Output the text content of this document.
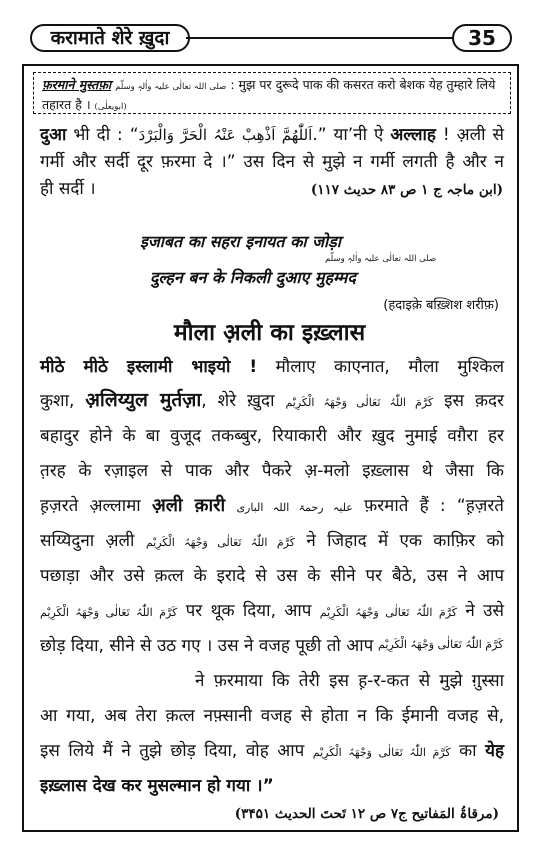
करामाते शेरे ख़ुदा	35
फ़रमाने मुस्तफ़ा صلی اللہ تعالٰی علیہ واٰلہٖ وسلّم : मुझ पर दुरूदे पाक की कसरत करो बेशक येह तुम्हारे लिये तहारत है । (ابویعلٰی)
दुआ भी दी : “اَللّٰھُمَّ اَذْھِبْ عَنْہُ الْحَرَّ وَالْبَرْدَ.” या’नी ऐ अल्लाह ! अ़ली से
गर्मी और सर्दी दूर फ़रमा दे ।” उस दिन से मुझे न गर्मी लगती है और न
ही सर्दी ।	(ابن ماجہ ج ۱ ص ۸۳ حدیث ۱۱۷)
इजाबत का सहरा इनायत का जोड़ा
صلی اللہ تعالٰی علیہ واٰلہٖ وسلّم
दुल्हन बन के निकली दुआए मुहम्मद
(हदाइक़े बख़्शिश शरीफ़)
मौला अ़ली का इख़्लास
मीठे मीठे इस्लामी भाइयो ! मौलाए काएनात, मौला मुश्किल
कुशा, अ़लिय्युल मुर्तज़ा, शेरे ख़ुदा کَرَّمَ اللّٰہُ تَعَالٰی وَجْھَہُ الْکَرِیْم इस क़दर
बहादुर होने के बा वुजूद तकब्बुर, रियाकारी और ख़ुद नुमाई वग़ैरा हर
त़रह के रज़ाइल से पाक और पैकरे अ़-मलो इख़्लास थे जैसा कि
ह़ज़रते अ़ल्लामा अ़ली क़ारी علیہ رحمۃ اللہ الباری फ़रमाते हैं : “ह़ज़रते
सय्यिदुना अ़ली کَرَّمَ اللّٰہُ تَعَالٰی وَجْھَہُ الْکَرِیْم ने जिहाद में एक काफ़िर को
पछाड़ा और उसे क़त्ल के इरादे से उस के सीने पर बैठे, उस ने आप
کَرَّمَ اللّٰہُ تَعَالٰی وَجْھَہُ الْکَرِیْم पर थूक दिया, आप کَرَّمَ اللّٰہُ تَعَالٰی وَجْھَہُ الْکَرِیْم ने उसे
छोड़ दिया, सीने से उठ गए । उस ने वजह पूछी तो आप کَرَّمَ اللّٰہُ تَعَالٰی وَجْھَہُ الْکَرِیْم
ने फ़रमाया कि तेरी इस ह़-र-कत से मुझे ग़ुस्सा
आ गया, अब तेरा क़त्ल नफ़्सानी वजह से होता न कि ईमानी वजह से,
इस लिये मैं ने तुझे छोड़ दिया, वोह आप کَرَّمَ اللّٰہُ تَعَالٰی وَجْھَہُ الْکَرِیْم का येह
इख़्लास देख कर मुसल्मान हो गया ।”
(مرقاۃُ المَفاتیح ج۷ ص ۱۲ تَحتَ الحدیث ۳۴۵۱)
